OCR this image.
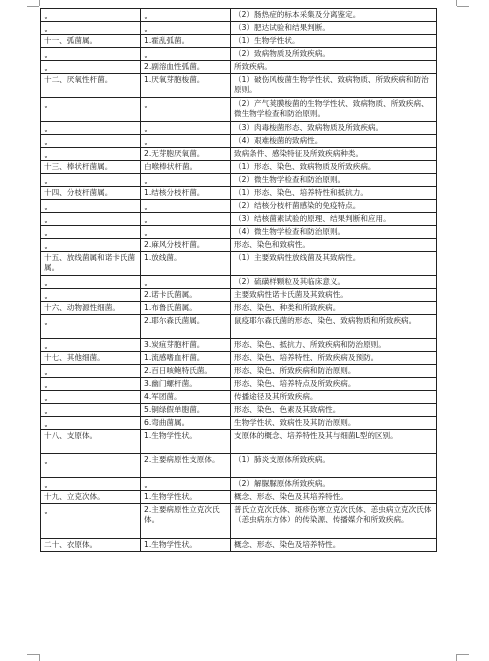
ˬ	ˬ	（2）肠热症的标本采集及分离鉴定。
ˬ	ˬ	（3）肥达试验和结果判断。
十一、弧菌属。	1.霍乱弧菌。	（1）生物学性状。
ˬ	ˬ	（2）致病物质及所致疾病。
ˬ	2.副溶血性弧菌。	所致疾病。
十二、厌氧性杆菌。	1.厌氧芽胞梭菌。	（1）破伤风梭菌生物学性状、致病物质、所致疾病和防治原则。
ˬ	ˬ	（2）产气荚膜梭菌的生物学性状、致病物质、所致疾病、微生物学检查和防治原则。
ˬ	ˬ	（3）肉毒梭菌形态、致病物质及所致疾病。
ˬ	ˬ	（4）艰难梭菌的致病性。
ˬ	2.无芽胞厌氧菌。	致病条件、感染特征及所致疾病种类。
十三、棒状杆菌属。	白喉棒状杆菌。	（1）形态、染色、致病物质及所致疾病。
ˬ	ˬ	（2）微生物学检查和防治原则。
十四、分枝杆菌属。	1.结核分枝杆菌。	（1）形态、染色、培养特性和抵抗力。
ˬ	ˬ	（2）结核分枝杆菌感染的免疫特点。
ˬ	ˬ	（3）结核菌素试验的原理、结果判断和应用。
ˬ	ˬ	（4）微生物学检查和防治原则。
ˬ	2.麻风分枝杆菌。	形态、染色和致病性。
十五、放线菌属和诺卡氏菌属。	1.放线菌。	（1）主要致病性放线菌及其致病性。
ˬ	ˬ	（2）硫磺样颗粒及其临床意义。
ˬ	2.诺卡氏菌属。	主要致病性诺卡氏菌及其致病性。
十六、动物源性细菌。	1.布鲁氏菌属。	形态、染色、种类和所致疾病。
ˬ	2.耶尔森氏菌属。	鼠疫耶尔森氏菌的形态、染色、致病物质和所致疾病。
ˬ	3.炭疽芽胞杆菌。	形态、染色、抵抗力、所致疾病和防治原则。
十七、其他细菌。	1.流感嗜血杆菌。	形态、染色、培养特性、所致疾病及预防。
ˬ	2.百日咳鲍特氏菌。	形态、染色、所致疾病和防治原则。
ˬ	3.幽门螺杆菌。	形态、染色、培养特点及所致疾病。
ˬ	4.军团菌。	传播途径及其所致疾病。
ˬ	5.铜绿假单胞菌。	形态、染色、色素及其致病性。
ˬ	6.弯曲菌属。	生物学性状、致病性及其防治原则。
十八、支原体。	1.生物学性状。	支原体的概念、培养特性及其与细菌L型的区别。
ˬ	2.主要病原性支原体。	（1）肺炎支原体所致疾病。
ˬ	ˬ	（2）解脲脲原体所致疾病。
十九、立克次体。	1.生物学性状。	概念、形态、染色及其培养特性。
ˬ	2.主要病原性立克次氏体。	普氏立克次氏体、斑疹伤寒立克次氏体、恙虫病立克次氏体（恙虫病东方体）的传染源、传播媒介和所致疾病。
二十、衣原体。	1.生物学性状。	概念、形态、染色及培养特性。
